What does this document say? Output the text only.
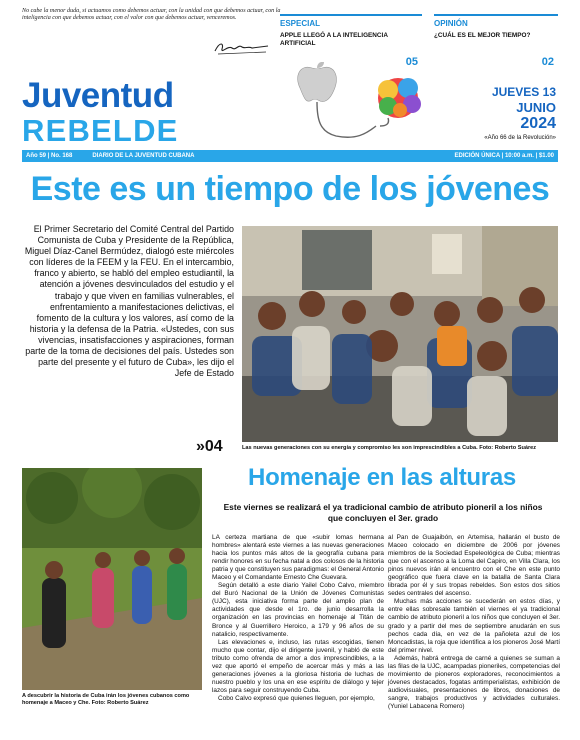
No cabe la menor duda, si actuamos como debemos actuar, con la unidad con que debemos actuar, con la inteligencia con que debemos actuar, con el valor con que debemos actuar, venceremos.
ESPECIAL
APPLE LLEGÓ A LA INTELIGENCIA ARTIFICIAL
05
OPINIÓN
¿CUÁL ES EL MEJOR TIEMPO?
02
Juventud
REBELDE
JUEVES 13
JUNIO
2024
«Año 66 de la Revolución»
Año 59 | No. 168	DIARIO DE LA JUVENTUD CUBANA	EDICIÓN ÚNICA | 10:00 a.m. | $1.00
Este es un tiempo de los jóvenes
El Primer Secretario del Comité Central del Partido Comunista de Cuba y Presidente de la República, Miguel Díaz-Canel Bermúdez, dialogó este miércoles con líderes de la FEEM y la FEU. En el intercambio, franco y abierto, se habló del empleo estudiantil, la atención a jóvenes desvinculados del estudio y el trabajo y que viven en familias vulnerables, el enfrentamiento a manifestaciones delictivas, el fomento de la cultura y los valores, así como de la historia y la defensa de la Patria. «Ustedes, con sus vivencias, insatisfacciones y aspiraciones, forman parte de la toma de decisiones del país. Ustedes son parte del presente y el futuro de Cuba», les dijo el Jefe de Estado
»04	Las nuevas generaciones con su energía y compromiso les son imprescindibles a Cuba. Foto: Roberto Suárez
Homenaje en las alturas
Este viernes se realizará el ya tradicional cambio de atributo pioneril a los niños que concluyen el 3er. grado
A descubrir la historia de Cuba irán los jóvenes cubanos como homenaje a Maceo y Che. Foto: Roberto Suárez

LA certeza martiana de que «subir lomas hermana hombres» alentará este viernes a las nuevas generaciones hacia los puntos más altos de la geografía cubana para rendir honores en su fecha natal a dos colosos de la historia patria y que constituyen sus paradigmas: el General Antonio Maceo y el Comandante Ernesto Che Guevara.

Según detalló a este diario Yailel Cobo Calvo, miembro del Buró Nacional de la Unión de Jóvenes Comunistas (UJC), esta iniciativa forma parte del amplio plan de actividades que desde el 1ro. de junio desarrolla la organización en las provincias en homenaje al Titán de Bronce y al Guerrillero Heroico, a 179 y 96 años de su natalicio, respectivamente.

Las elevaciones e, incluso, las rutas escogidas, tienen mucho que contar, dijo el dirigente juvenil, y habló de este tributo como ofrenda de amor a dos imprescindibles, a la vez que aportó el empeño de acercar más y más a las generaciones jóvenes a la gloriosa historia de luchas de nuestro pueblo y los una en ese espíritu de diálogo y tejer lazos para seguir construyendo Cuba.

Cobo Calvo expresó que quienes lleguen, por ejemplo,

al Pan de Guajaibón, en Artemisa, hallarán el busto de Maceo colocado en diciembre de 2006 por jóvenes miembros de la Sociedad Espeleológica de Cuba; mientras que con el ascenso a la Loma del Capiro, en Villa Clara, los pinos nuevos irán al encuentro con el Che en este punto geográfico que fuera clave en la batalla de Santa Clara librada por él y sus tropas rebeldes. Son estos dos sitios sedes centrales del ascenso.

Muchas más acciones se sucederán en estos días, y entre ellas sobresale también el viernes el ya tradicional cambio de atributo pioneril a los niños que concluyen el 3er. grado y a partir del mes de septiembre anudarán en sus pechos cada día, en vez de la pañoleta azul de los Moncadistas, la roja que identifica a los pioneros José Martí del primer nivel.

Además, habrá entrega de carné a quienes se suman a las filas de la UJC, acampadas pioneriles, competencias del movimiento de pioneros exploradores, reconocimientos a jóvenes destacados, fogatas antimperialistas, exhibición de audiovisuales, presentaciones de libros, donaciones de sangre, trabajos productivos y actividades culturales. (Yuniel Labacena Romero)
